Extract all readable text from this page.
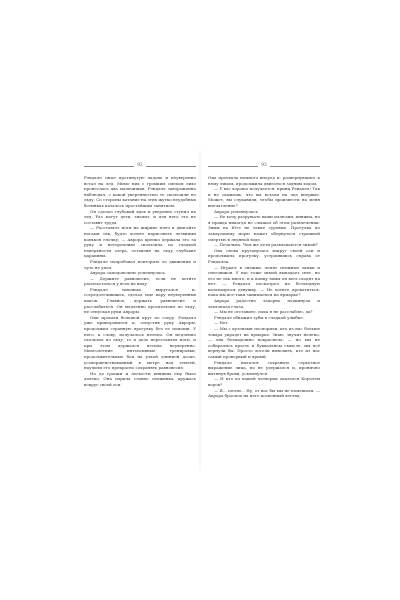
92

Рэндалл сжал протянутую ладонь и неуверенно встал на лед. Мимо них с громким смехом лихо пронеслась два мальчишки. Рэндалл завороженно наблюдал, с какой уверенностью те скользили по льду. Со стороны катание на этих жутко неудобных ботинках казалось простейшим занятием.

Он сделал глубокий вдох и уверенно ступил на лед. Раз могут дети, значит, и для него это не составит труда.

— Расставьте ноги на ширине плеч и двигайте ногами так, будто хотите нарисовать лезвиями коньков елочку, — Аврора крепко держала его за руку и неторопливо скользила по гладкой поверхности озера, оставляя на льду глубокие царапины.

Рэндалл попробовал повторить ее движения и чуть не упал.

Аврора самодовольно усмехнулась.

— Держите равновесие, если не хотите распластаться у всех на виду.

Рэндалл тихонько выругался и, сосредоточившись, сделал еще пару неуверенных шагов. Главное, держать равновесие и расслабиться. Он медленно проскользил по льду, не отпуская руки Авроры.

Они прошли большой круг по озеру. Рэндалл уже приноровился и, отпустив руку Авроры, продолжил странную прогулку без ее помощи. У него, к слову, получалось нелепо. Он медленно скользил по льду, то и дело переставлял ноги, и при этом держался весьма неуверенно. Многолетние интенсивные тренировки, продолжительные бои на узкой длинной доске, усовершенствованный в метре над землей, научили его прекрасно сохранять равновесие.

Но до грации и легкости княжны ему было далеко. Она парила словно снежинка, кружась вокруг своей оси.

93

Она проехала немного вперед и, развернувшись к нему лицом, продолжила двигаться задним ходом.

— У вас хорошо получается, принц Рэндалл! Так и не скажешь, что вы встали на лед впервые. Может, вы слукавили, чтобы произвести на меня впечатление?

Аврора усмехнулась.

— Не хочу разрушать ваши иллюзии, княжна, но я правда никогда не слышал об этом развлечении. Зимы на Юге не такие суровые. Прогулка по замерзшему морю может обернуться страшной смертью в ледяной воде.

— Печально. Чем же дети развлекаются зимой?

Она снова крутанулась вокруг своей оси и продолжила прогулку, устроившись справа от Рэндалла.

— Играют в снежки, лепят снежные замки и снеговиков. У нас тоже зимой выпадает снег, но его не так много, и к концу зимы он весь сходит на нет. — Рэндалл посмотрел на безлюдную катающуюся девушку. — Не хотите прокатиться, пока мы все-таки занимаемся на ярмарке?

Аврора радостно задорно подкинула и захлопала глаза.

— Мы не отставите, пока я не расслаблю, да?

Рэндалл обнажил зубы в сладкой улыбке.

— Нет.

— Мы с кузенами поспорили, кто из нас больше товара украдет на ярмарке. Знаю, звучит нелепо, — она безмадежно покраснела, — но мы не собирались красть в буквальном смысле, мы всё вернули бы. Просто хотели выяснить, кто из нас самый проворный и ярный.

Рэндалл пытался сохранить серьезное выражение лица, но не удержался и, иронично вытянув брови, усмехнулся.

— И кто из вашей четверки оказался Королем воров?

— Я... почти... Ну, от вас бы мы не помешали. — Аврора бросила на него косвенный взгляд.
